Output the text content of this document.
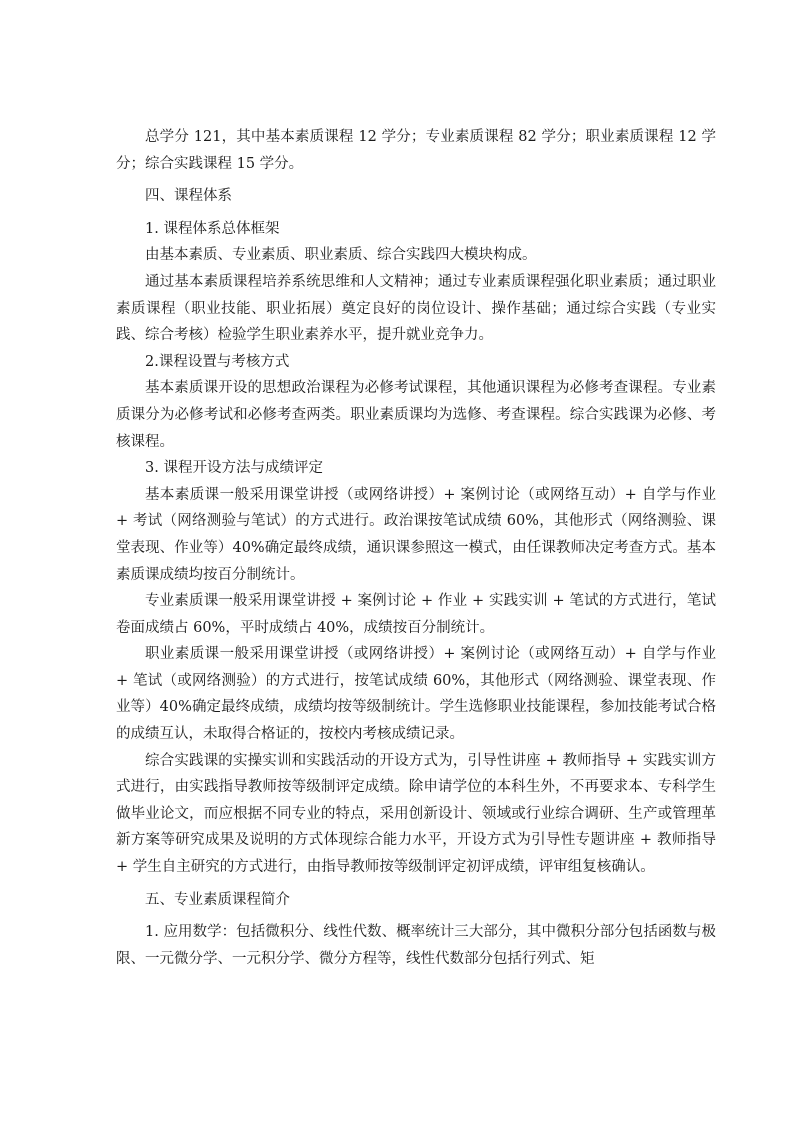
总学分 121，其中基本素质课程 12 学分；专业素质课程 82 学分；职业素质课程 12 学分；综合实践课程 15 学分。

四、课程体系

1. 课程体系总体框架

由基本素质、专业素质、职业素质、综合实践四大模块构成。

通过基本素质课程培养系统思维和人文精神；通过专业素质课程强化职业素质；通过职业素质课程（职业技能、职业拓展）奠定良好的岗位设计、操作基础；通过综合实践（专业实践、综合考核）检验学生职业素养水平，提升就业竞争力。

2.课程设置与考核方式

基本素质课开设的思想政治课程为必修考试课程，其他通识课程为必修考查课程。专业素质课分为必修考试和必修考查两类。职业素质课均为选修、考查课程。综合实践课为必修、考核课程。

3. 课程开设方法与成绩评定

基本素质课一般采用课堂讲授（或网络讲授）+ 案例讨论（或网络互动）+ 自学与作业 + 考试（网络测验与笔试）的方式进行。政治课按笔试成绩 60%，其他形式（网络测验、课堂表现、作业等）40%确定最终成绩，通识课参照这一模式，由任课教师决定考查方式。基本素质课成绩均按百分制统计。

专业素质课一般采用课堂讲授 + 案例讨论 + 作业 + 实践实训 + 笔试的方式进行，笔试卷面成绩占 60%，平时成绩占 40%，成绩按百分制统计。

职业素质课一般采用课堂讲授（或网络讲授）+ 案例讨论（或网络互动）+ 自学与作业 + 笔试（或网络测验）的方式进行，按笔试成绩 60%，其他形式（网络测验、课堂表现、作业等）40%确定最终成绩，成绩均按等级制统计。学生选修职业技能课程，参加技能考试合格的成绩互认，未取得合格证的，按校内考核成绩记录。

综合实践课的实操实训和实践活动的开设方式为，引导性讲座 + 教师指导 + 实践实训方式进行，由实践指导教师按等级制评定成绩。除申请学位的本科生外，不再要求本、专科学生做毕业论文，而应根据不同专业的特点，采用创新设计、领域或行业综合调研、生产或管理革新方案等研究成果及说明的方式体现综合能力水平，开设方式为引导性专题讲座 + 教师指导 + 学生自主研究的方式进行，由指导教师按等级制评定初评成绩，评审组复核确认。

五、专业素质课程简介

1. 应用数学：包括微积分、线性代数、概率统计三大部分，其中微积分部分包括函数与极限、一元微分学、一元积分学、微分方程等，线性代数部分包括行列式、矩
